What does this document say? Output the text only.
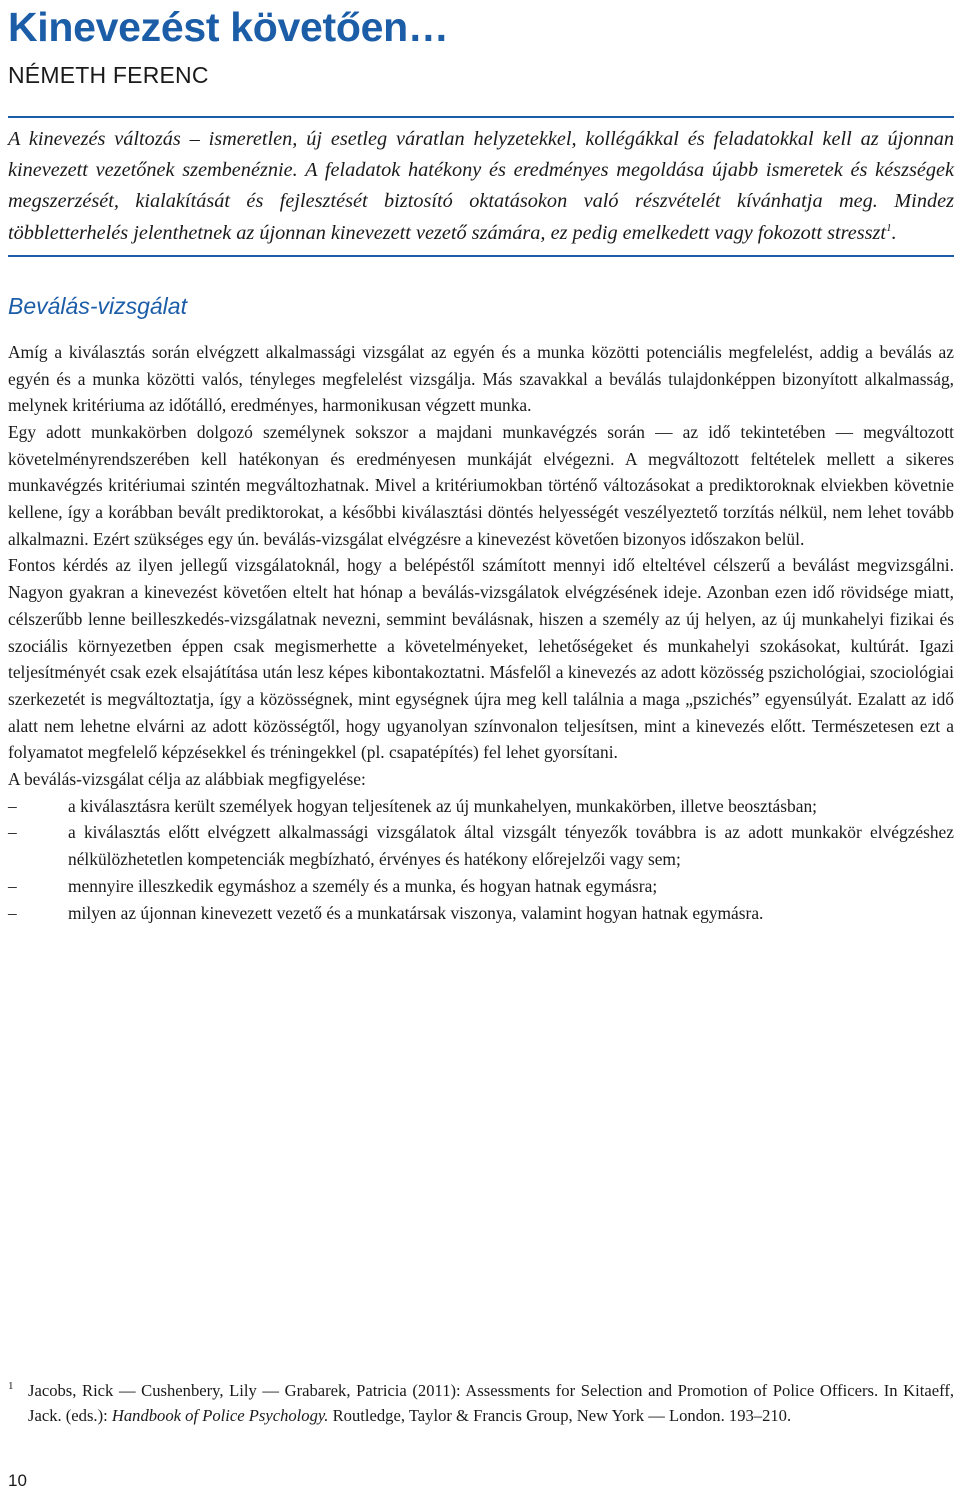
Kinevezést követően…
NÉMETH FERENC
A kinevezés változás – ismeretlen, új esetleg váratlan helyzetekkel, kollégákkal és feladatokkal kell az újonnan kinevezett vezetőnek szembenéznie. A feladatok hatékony és eredményes megoldása újabb ismeretek és készségek megszerzését, kialakítását és fejlesztését biztosító oktatásokon való részvételét kívánhatja meg. Mindez többletterhelés jelenthetnek az újonnan kinevezett vezető számára, ez pedig emelkedett vagy fokozott stresszt$^1$.
Beválás-vizsgálat

Amíg a kiválasztás során elvégzett alkalmassági vizsgálat az egyén és a munka közötti potenciális megfelelést, addig a beválás az egyén és a munka közötti valós, tényleges megfelelést vizsgálja. Más szavakkal a beválás tulajdonképpen bizonyított alkalmasság, melynek kritériuma az időtálló, eredményes, harmonikusan végzett munka.

Egy adott munkakörben dolgozó személynek sokszor a majdani munkavégzés során — az idő tekintetében — megváltozott követelményrendszerében kell hatékonyan és eredményesen munkáját elvégezni. A megváltozott feltételek mellett a sikeres munkavégzés kritériumai szintén megváltozhatnak. Mivel a kritériumokban történő változásokat a prediktoroknak elviekben követnie kellene, így a korábban bevált prediktorokat, a későbbi kiválasztási döntés helyességét veszélyeztető torzítás nélkül, nem lehet tovább alkalmazni. Ezért szükséges egy ún. beválás-vizsgálat elvégzésre a kinevezést követően bizonyos időszakon belül.

Fontos kérdés az ilyen jellegű vizsgálatoknál, hogy a belépéstől számított mennyi idő elteltével célszerű a beválást megvizsgálni. Nagyon gyakran a kinevezést követően eltelt hat hónap a beválás-vizsgálatok elvégzésének ideje. Azonban ezen idő rövidsége miatt, célszerűbb lenne beilleszkedés-vizsgálatnak nevezni, semmint beválásnak, hiszen a személy az új helyen, az új munkahelyi fizikai és szociális környezetben éppen csak megismerhette a követelményeket, lehetőségeket és munkahelyi szokásokat, kultúrát. Igazi teljesítményét csak ezek elsajátítása után lesz képes kibontakoztatni. Másfelől a kinevezés az adott közösség pszichológiai, szociológiai szerkezetét is megváltoztatja, így a közösségnek, mint egységnek újra meg kell találnia a maga „pszichés” egyensúlyát. Ezalatt az idő alatt nem lehetne elvárni az adott közösségtől, hogy ugyanolyan színvonalon teljesítsen, mint a kinevezés előtt. Természetesen ezt a folyamatot megfelelő képzésekkel és tréningekkel (pl. csapatépítés) fel lehet gyorsítani.

A beválás-vizsgálat célja az alábbiak megfigyelése:

–	a kiválasztásra került személyek hogyan teljesítenek az új munkahelyen, munkakörben, illetve beosztásban;
–	a kiválasztás előtt elvégzett alkalmassági vizsgálatok által vizsgált tényezők továbbra is az adott munkakör elvégzéshez nélkülözhetetlen kompetenciák megbízható, érvényes és hatékony előrejelzői vagy sem;
–	mennyire illeszkedik egymáshoz a személy és a munka, és hogyan hatnak egymásra;
–	milyen az újonnan kinevezett vezető és a munkatársak viszonya, valamint hogyan hatnak egymásra.
1 Jacobs, Rick — Cushenbery, Lily — Grabarek, Patricia (2011): Assessments for Selection and Promotion of Police Officers. In Kitaeff, Jack. (eds.): Handbook of Police Psychology. Routledge, Taylor & Francis Group, New York — London. 193–210.
10
